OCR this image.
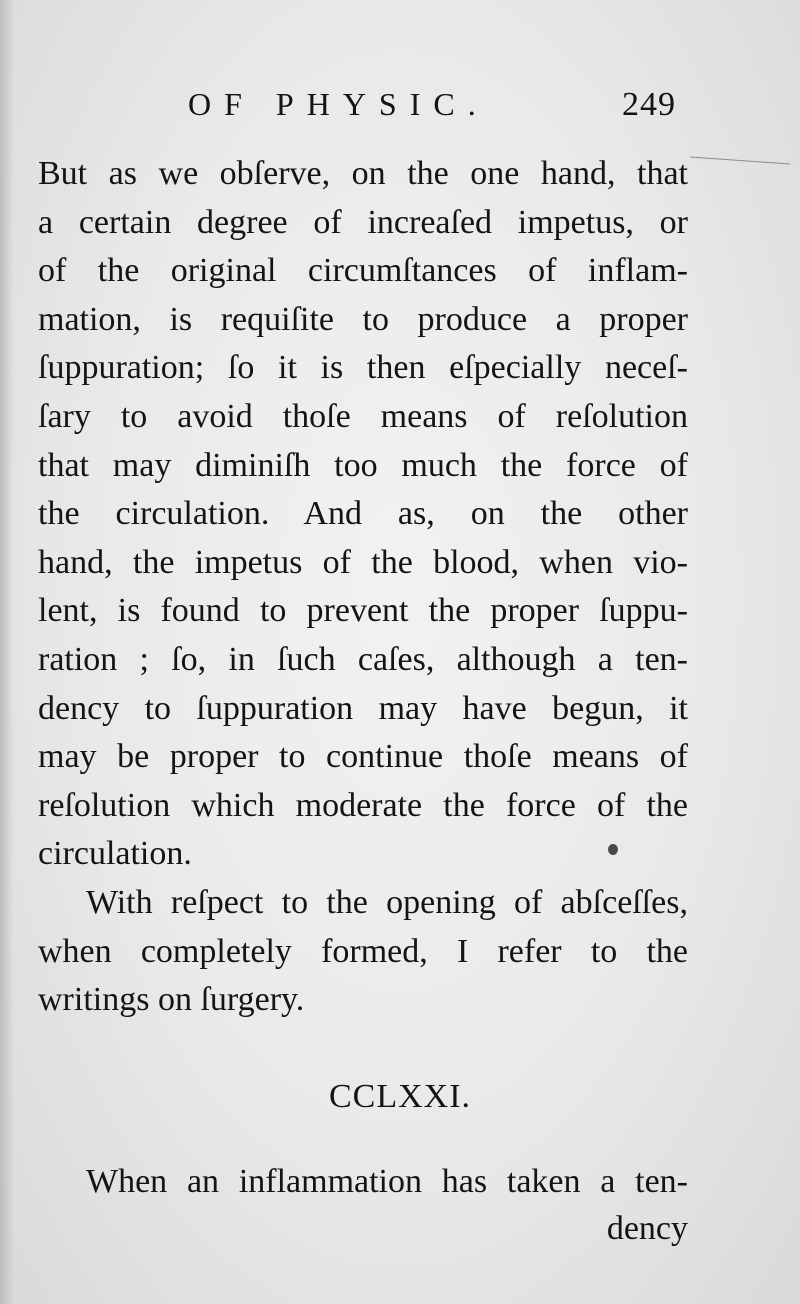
OF PHYSIC.	249
But as we obſerve, on the one hand, that
a certain degree of increaſed impetus, or
of the original circumſtances of inflam-
mation, is requiſite to produce a proper
ſuppuration; ſo it is then eſpecially neceſ-
ſary to avoid thoſe means of reſolution
that may diminiſh too much the force of
the circulation. And as, on the other
hand, the impetus of the blood, when vio-
lent, is found to prevent the proper ſuppu-
ration ; ſo, in ſuch caſes, although a ten-
dency to ſuppuration may have begun, it
may be proper to continue thoſe means of
reſolution which moderate the force of the
circulation.
With reſpect to the opening of abſceſſes,
when completely formed, I refer to the
writings on ſurgery.
CCLXXI.
When an inflammation has taken a ten-
dency
